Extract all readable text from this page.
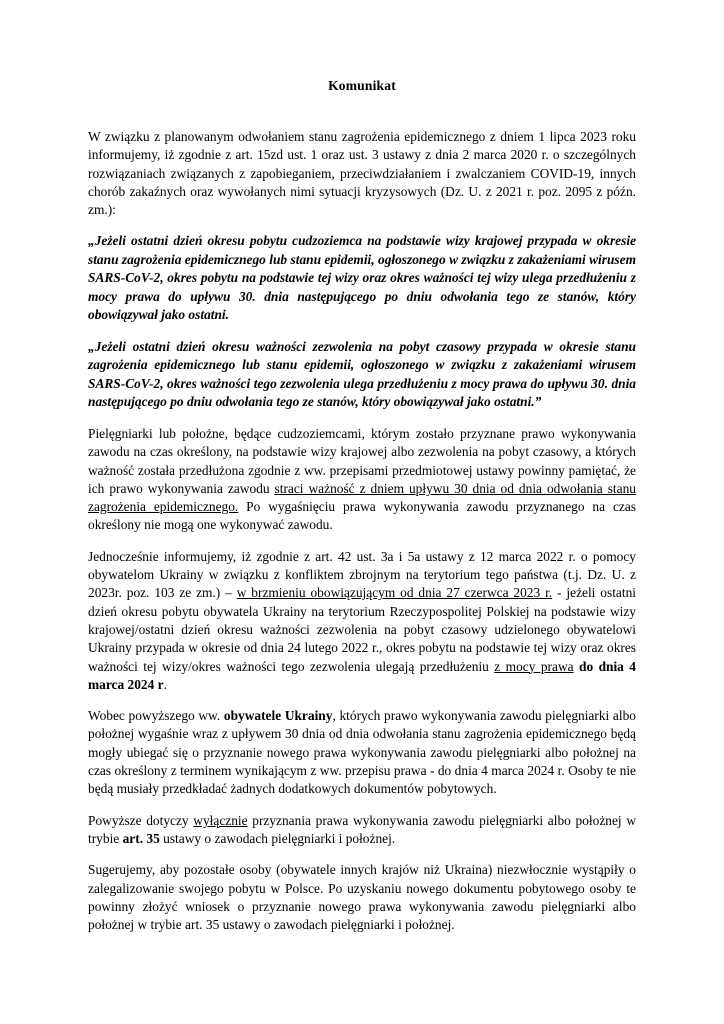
Komunikat

W związku z planowanym odwołaniem stanu zagrożenia epidemicznego z dniem 1 lipca 2023 roku informujemy, iż zgodnie z art. 15zd ust. 1 oraz ust. 3 ustawy z dnia 2 marca 2020 r. o szczególnych rozwiązaniach związanych z zapobieganiem, przeciwdziałaniem i zwalczaniem COVID-19, innych chorób zakaźnych oraz wywołanych nimi sytuacji kryzysowych (Dz. U. z 2021 r. poz. 2095 z późn. zm.):

„Jeżeli ostatni dzień okresu pobytu cudzoziemca na podstawie wizy krajowej przypada w okresie stanu zagrożenia epidemicznego lub stanu epidemii, ogłoszonego w związku z zakażeniami wirusem SARS-CoV-2, okres pobytu na podstawie tej wizy oraz okres ważności tej wizy ulega przedłużeniu z mocy prawa do upływu 30. dnia następującego po dniu odwołania tego ze stanów, który obowiązywał jako ostatni.

„Jeżeli ostatni dzień okresu ważności zezwolenia na pobyt czasowy przypada w okresie stanu zagrożenia epidemicznego lub stanu epidemii, ogłoszonego w związku z zakażeniami wirusem SARS-CoV-2, okres ważności tego zezwolenia ulega przedłużeniu z mocy prawa do upływu 30. dnia następującego po dniu odwołania tego ze stanów, który obowiązywał jako ostatni.”

Pielęgniarki lub położne, będące cudzoziemcami, którym zostało przyznane prawo wykonywania zawodu na czas określony, na podstawie wizy krajowej albo zezwolenia na pobyt czasowy, a których ważność została przedłużona zgodnie z ww. przepisami przedmiotowej ustawy powinny pamiętać, że ich prawo wykonywania zawodu straci ważność z dniem upływu 30 dnia od dnia odwołania stanu zagrożenia epidemicznego. Po wygaśnięciu prawa wykonywania zawodu przyznanego na czas określony nie mogą one wykonywać zawodu.

Jednocześnie informujemy, iż zgodnie z art. 42 ust. 3a i 5a ustawy z 12 marca 2022 r. o pomocy obywatelom Ukrainy w związku z konfliktem zbrojnym na terytorium tego państwa (t.j. Dz. U. z 2023r. poz. 103 ze zm.) – w brzmieniu obowiązującym od dnia 27 czerwca 2023 r. - jeżeli ostatni dzień okresu pobytu obywatela Ukrainy na terytorium Rzeczypospolitej Polskiej na podstawie wizy krajowej/ostatni dzień okresu ważności zezwolenia na pobyt czasowy udzielonego obywatelowi Ukrainy przypada w okresie od dnia 24 lutego 2022 r., okres pobytu na podstawie tej wizy oraz okres ważności tej wizy/okres ważności tego zezwolenia ulegają przedłużeniu z mocy prawa do dnia 4 marca 2024 r.

Wobec powyższego ww. obywatele Ukrainy, których prawo wykonywania zawodu pielęgniarki albo położnej wygaśnie wraz z upływem 30 dnia od dnia odwołania stanu zagrożenia epidemicznego będą mogły ubiegać się o przyznanie nowego prawa wykonywania zawodu pielęgniarki albo położnej na czas określony z terminem wynikającym z ww. przepisu prawa - do dnia 4 marca 2024 r. Osoby te nie będą musiały przedkładać żadnych dodatkowych dokumentów pobytowych.

Powyższe dotyczy wyłącznie przyznania prawa wykonywania zawodu pielęgniarki albo położnej w trybie art. 35 ustawy o zawodach pielęgniarki i położnej.

Sugerujemy, aby pozostałe osoby (obywatele innych krajów niż Ukraina) niezwłocznie wystąpiły o zalegalizowanie swojego pobytu w Polsce. Po uzyskaniu nowego dokumentu pobytowego osoby te powinny złożyć wniosek o przyznanie nowego prawa wykonywania zawodu pielęgniarki albo położnej w trybie art. 35 ustawy o zawodach pielęgniarki i położnej.
